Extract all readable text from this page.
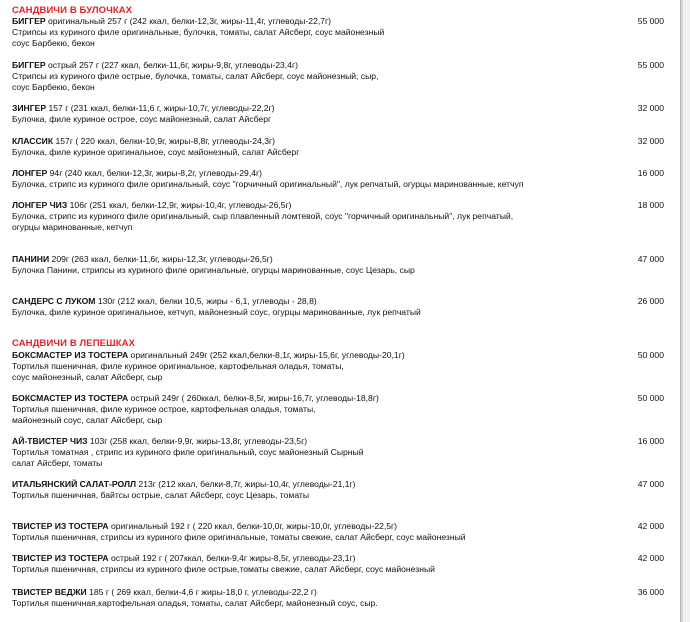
САНДВИЧИ В БУЛОЧКАХ
БИГГЕР оригинальный 257 г (242 ккал, белки-12,3г, жиры-11,4г, углеводы-22,7г)
Стрипсы из куриного филе оригинальные, булочка, томаты, салат Айсберг, соус майонезный
соус Барбекю, бекон
55 000
БИГГЕР острый 257 г (227 ккал, белки-11,6г, жиры-9,8г, углеводы-23,4г)
Стрипсы из куриного филе острые, булочка, томаты, салат Айсберг, соус майонезный, сыр,
соус Барбекю, бекон
55 000
ЗИНГЕР 157 г (231 ккал, белки-11,6 г, жиры-10,7г, углеводы-22,2г)
Булочка, филе куриное острое, соус майонезный, салат Айсберг
32 000
КЛАССИК 157г ( 220 ккал, белки-10,9г, жиры-8,8г, углеводы-24,3г)
Булочка, филе куриное оригинальное, соус майонезный, салат Айсберг
32 000
ЛОНГЕР 94г (240 ккал, белки-12,3г, жиры-8,2г, углеводы-29,4г)
Булочка, стрипс из куриного филе оригинальный, соус "горчичный оригинальный", лук репчатый, огурцы маринованные, кетчуп
16 000
ЛОНГЕР ЧИЗ 106г (251 ккал, белки-12,9г, жиры-10,4г, углеводы-26,5г)
Булочка, стрипс из куриного филе оригинальный, сыр плавленный ломтевой, соус "горчичный оригинальный", лук репчатый,
огурцы маринованные, кетчуп
18 000
ПАНИНИ 209г (263 ккал, белки-11,6г, жиры-12,3г, углеводы-26,5г)
Булочка Панини, стрипсы из куриного филе оригинальные, огурцы маринованные, соус Цезарь, сыр
47 000
САНДЕРС С ЛУКОМ 130г (212 ккал, белки 10,5, жиры - 6,1, углеводы - 28,8)
Булочка, филе куриное оригинальное, кетчуп, майонезный соус, огурцы маринованные, лук репчатый
26 000
САНДВИЧИ В ЛЕПЕШКАХ
БОКСМАСТЕР ИЗ ТОСТЕРА оригинальный 249г (252 ккал,белки-8,1г, жиры-15,6г, углеводы-20,1г)
Тортилья пшеничная, филе куриное оригинальное, картофельная оладья, томаты,
соус майонезный, салат Айсберг, сыр
50 000
БОКСМАСТЕР ИЗ ТОСТЕРА острый 249г ( 260ккал, белки-8,5г, жиры-16,7г, углеводы-18,8г)
Тортилья пшеничная, филе куриное острое, картофельная оладья, томаты,
майонезный соус, салат Айсберг, сыр
50 000
АЙ-ТВИСТЕР ЧИЗ 103г (258 ккал, белки-9,9г, жиры-13,8г, углеводы-23,5г)
Тортилья томатная , стрипс из куриного филе оригинальный, соус майонезный Сырный
салат Айсберг, томаты
16 000
ИТАЛЬЯНСКИЙ САЛАТ-РОЛЛ 213г (212 ккал, белки-8,7г, жиры-10,4г, углеводы-21,1г)
Тортилья пшеничная, байтсы острые, салат Айсберг, соус Цезарь, томаты
47 000
ТВИСТЕР ИЗ ТОСТЕРА оригинальный 192 г ( 220 ккал, белки-10,0г, жиры-10,0г, углеводы-22,5г)
Тортилья пшеничная, стрипсы из куриного филе оригинальные, томаты свежие, салат Айсберг, соус майонезный
42 000
ТВИСТЕР ИЗ ТОСТЕРА острый 192 г ( 207ккал, белки-9,4г жиры-8,5г, углеводы-23,1г)
Тортилья пшеничная, стрипсы из куриного филе острые,томаты свежие, салат Айсберг, соус майонезный
42 000
ТВИСТЕР ВЕДЖИ 185 г ( 269 ккал, белки-4,6 г жиры-18,0 г, углеводы-22,2 г)
Тортилья пшеничная,картофельная оладья, томаты, салат Айсберг, майонезный соус, сыр.
36 000
